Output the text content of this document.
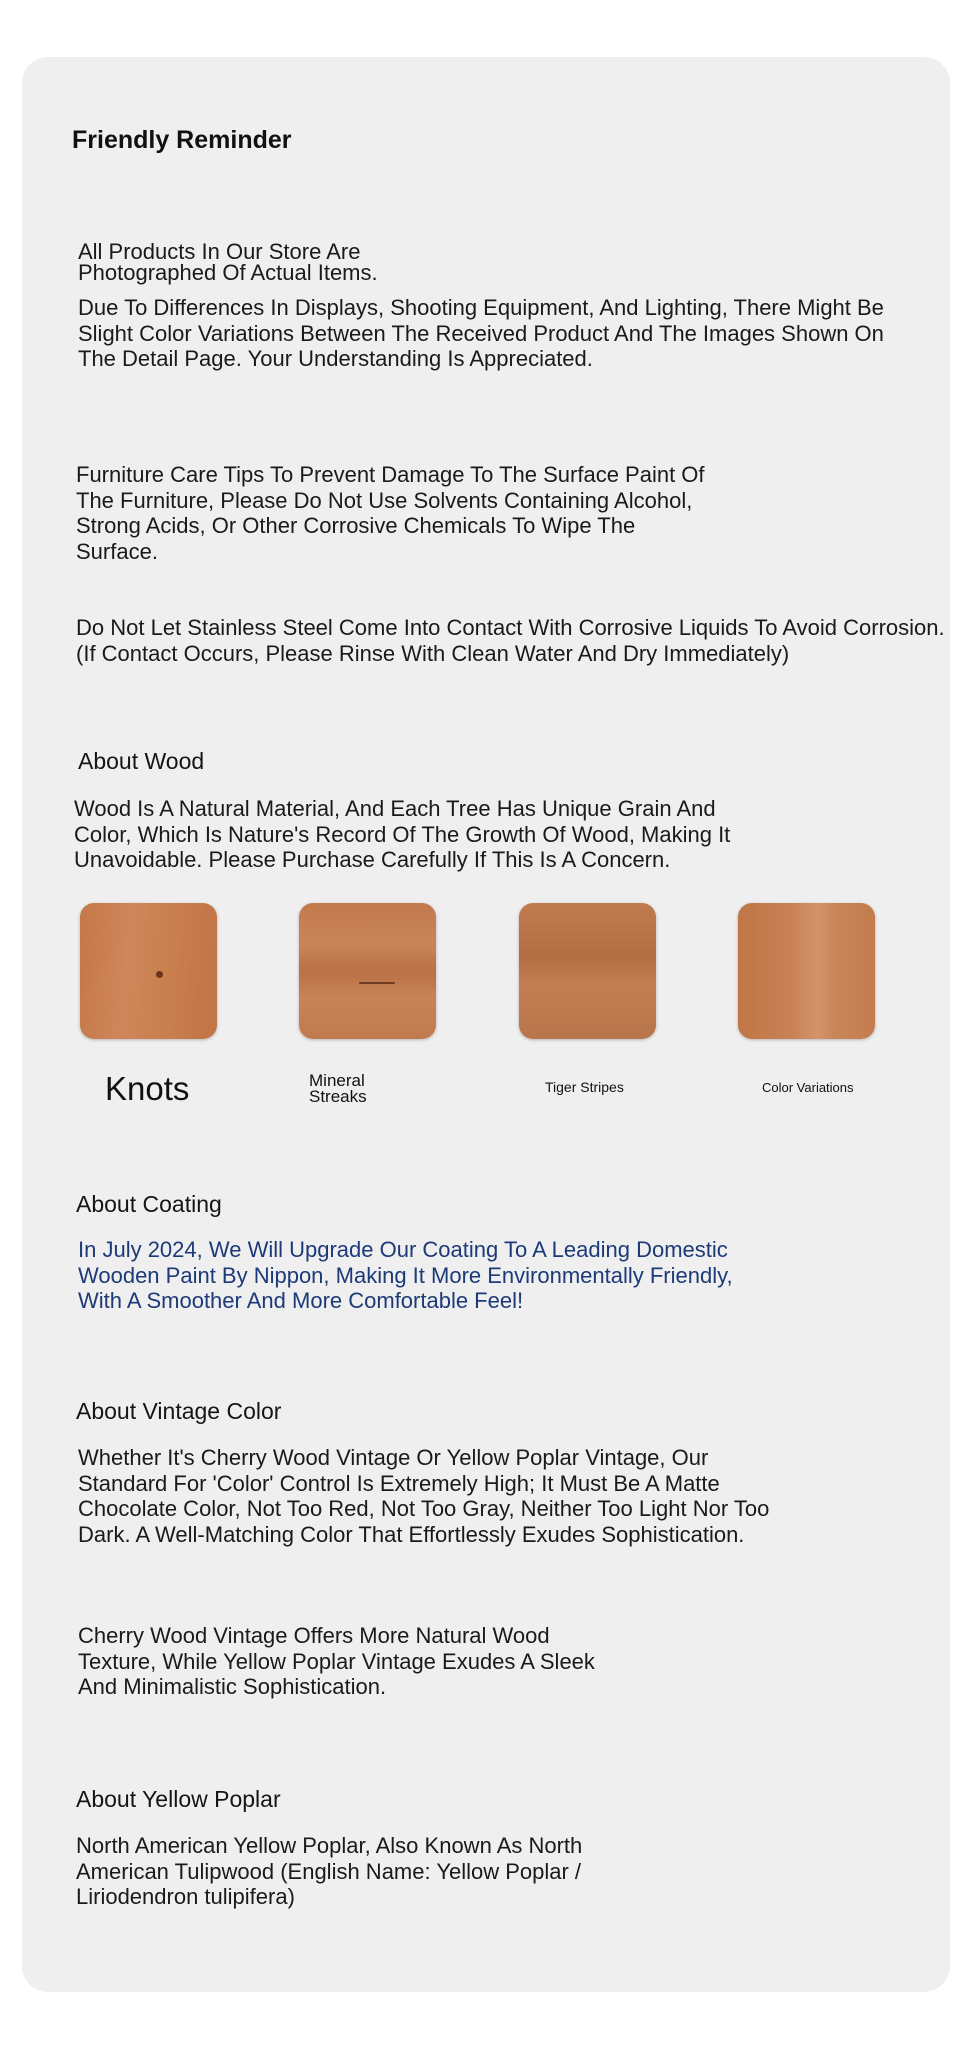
Friendly Reminder

All Products In Our Store Are

Photographed Of Actual Items.

Due To Differences In Displays, Shooting Equipment, And Lighting, There Might Be Slight Color Variations Between The Received Product And The Images Shown On The Detail Page. Your Understanding Is Appreciated.

Furniture Care Tips To Prevent Damage To The Surface Paint Of The Furniture, Please Do Not Use Solvents Containing Alcohol, Strong Acids, Or Other Corrosive Chemicals To Wipe The Surface.

Do Not Let Stainless Steel Come Into Contact With Corrosive Liquids To Avoid Corrosion. (If Contact Occurs, Please Rinse With Clean Water And Dry Immediately)

About Wood

Wood Is A Natural Material, And Each Tree Has Unique Grain And Color, Which Is Nature's Record Of The Growth Of Wood, Making It Unavoidable. Please Purchase Carefully If This Is A Concern.

Knots	Mineral Streaks	Tiger Stripes	Color Variations
About Coating

In July 2024, We Will Upgrade Our Coating To A Leading Domestic Wooden Paint By Nippon, Making It More Environmentally Friendly, With A Smoother And More Comfortable Feel!

About Vintage Color

Whether It's Cherry Wood Vintage Or Yellow Poplar Vintage, Our Standard For 'Color' Control Is Extremely High; It Must Be A Matte Chocolate Color, Not Too Red, Not Too Gray, Neither Too Light Nor Too Dark. A Well-Matching Color That Effortlessly Exudes Sophistication.

Cherry Wood Vintage Offers More Natural Wood Texture, While Yellow Poplar Vintage Exudes A Sleek And Minimalistic Sophistication.

About Yellow Poplar

North American Yellow Poplar, Also Known As North American Tulipwood (English Name: Yellow Poplar / Liriodendron tulipifera)
